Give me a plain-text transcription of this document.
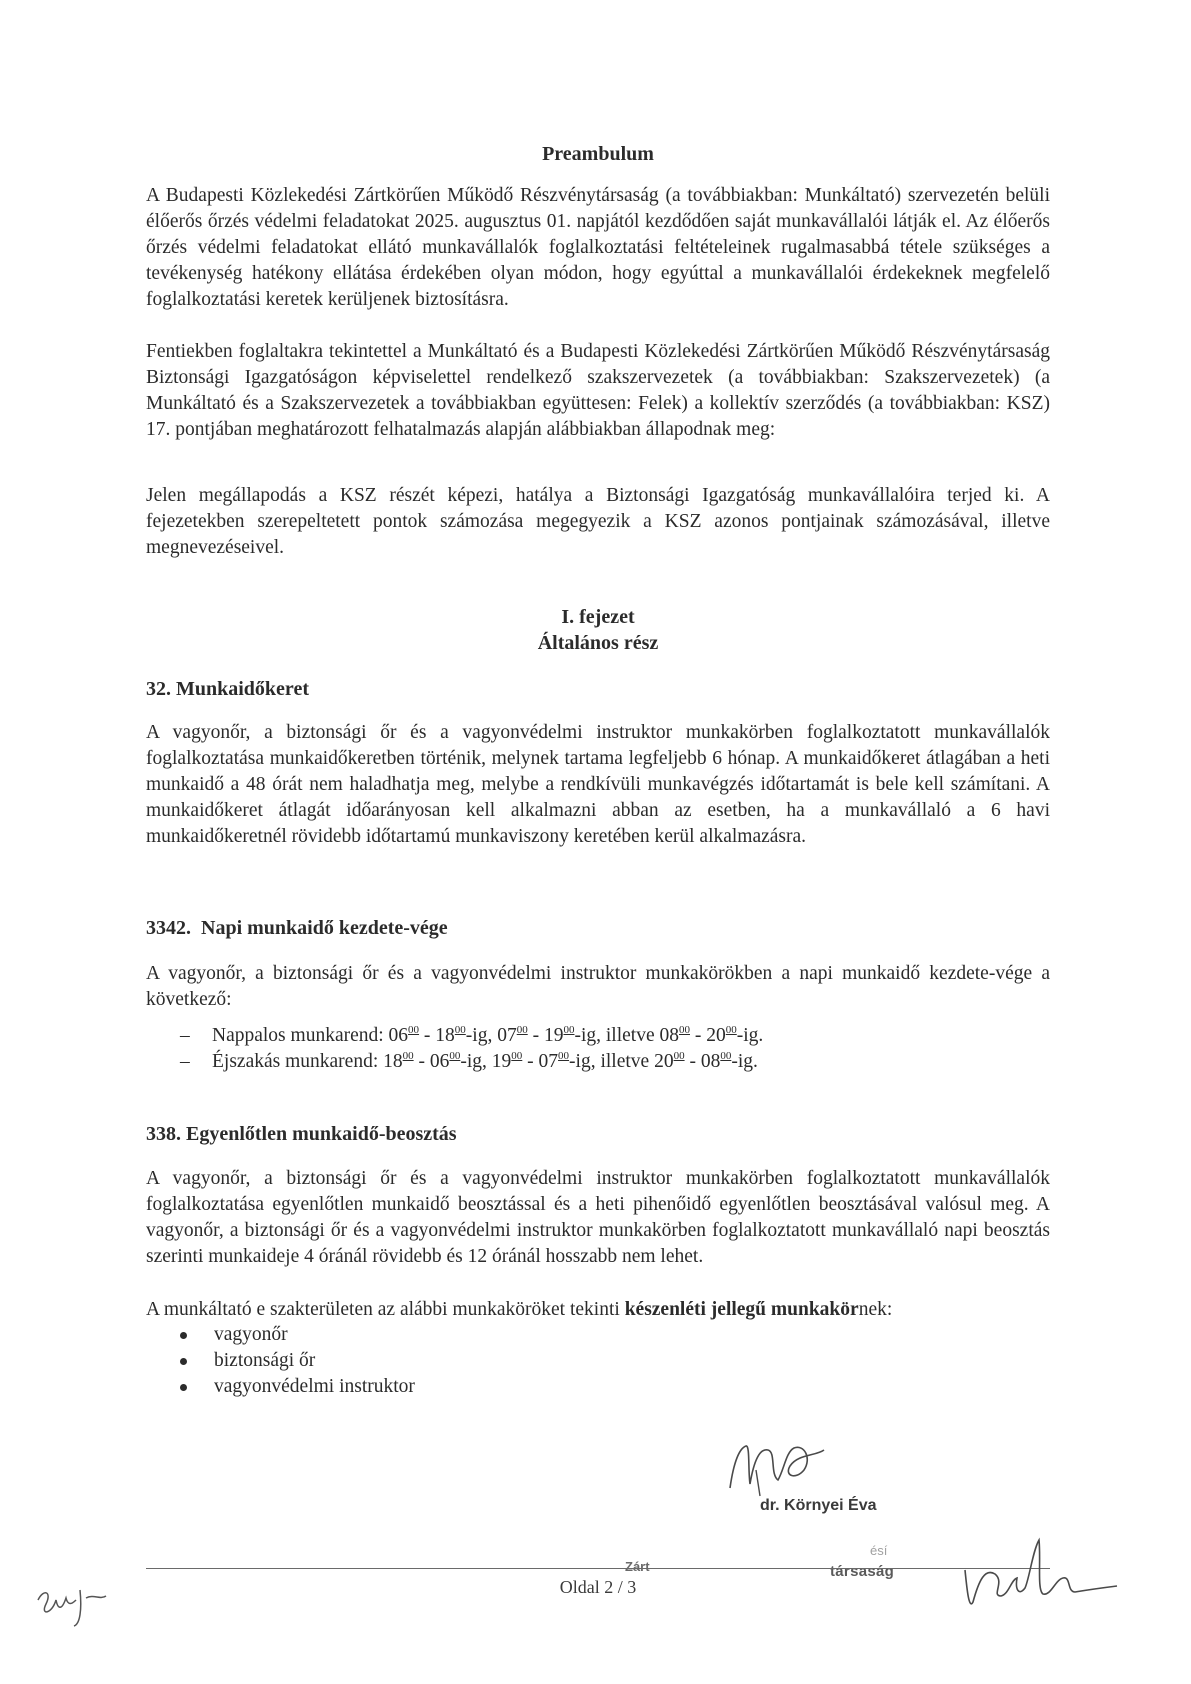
Preambulum
A Budapesti Közlekedési Zártkörűen Működő Részvénytársaság (a továbbiakban: Munkáltató) szervezetén belüli élőerős őrzés védelmi feladatokat 2025. augusztus 01. napjától kezdődően saját munkavállalói látják el. Az élőerős őrzés védelmi feladatokat ellátó munkavállalók foglalkoztatási feltételeinek rugalmasabbá tétele szükséges a tevékenység hatékony ellátása érdekében olyan módon, hogy egyúttal a munkavállalói érdekeknek megfelelő foglalkoztatási keretek kerüljenek biztosításra.
Fentiekben foglaltakra tekintettel a Munkáltató és a Budapesti Közlekedési Zártkörűen Működő Részvénytársaság Biztonsági Igazgatóságon képviselettel rendelkező szakszervezetek (a továbbiakban: Szakszervezetek) (a Munkáltató és a Szakszervezetek a továbbiakban együttesen: Felek) a kollektív szerződés (a továbbiakban: KSZ) 17. pontjában meghatározott felhatalmazás alapján alábbiakban állapodnak meg:
Jelen megállapodás a KSZ részét képezi, hatálya a Biztonsági Igazgatóság munkavállalóira terjed ki. A fejezetekben szerepeltetett pontok számozása megegyezik a KSZ azonos pontjainak számozásával, illetve megnevezéseivel.
I. fejezet
Általános rész
32. Munkaidőkeret
A vagyonőr, a biztonsági őr és a vagyonvédelmi instruktor munkakörben foglalkoztatott munkavállalók foglalkoztatása munkaidőkeretben történik, melynek tartama legfeljebb 6 hónap. A munkaidőkeret átlagában a heti munkaidő a 48 órát nem haladhatja meg, melybe a rendkívüli munkavégzés időtartamát is bele kell számítani. A munkaidőkeret átlagát időarányosan kell alkalmazni abban az esetben, ha a munkavállaló a 6 havi munkaidőkeretnél rövidebb időtartamú munkaviszony keretében kerül alkalmazásra.
3342. Napi munkaidő kezdete-vége
A vagyonőr, a biztonsági őr és a vagyonvédelmi instruktor munkakörökben a napi munkaidő kezdete-vége a következő:
– Nappalos munkarend: $06^{00} - 18^{00}-ig$, $07^{00} - 19^{00}-ig$, illetve $08^{00} - 20^{00}-ig$.
– Éjszakás munkarend: $18^{00} - 06^{00}-ig$, $19^{00} - 07^{00}-ig$, illetve $20^{00} - 08^{00}-ig$.
338. Egyenlőtlen munkaidő-beosztás
A vagyonőr, a biztonsági őr és a vagyonvédelmi instruktor munkakörben foglalkoztatott munkavállalók foglalkoztatása egyenlőtlen munkaidő beosztással és a heti pihenőidő egyenlőtlen beosztásával valósul meg. A vagyonőr, a biztonsági őr és a vagyonvédelmi instruktor munkakörben foglalkoztatott munkavállaló napi beosztás szerinti munkaideje 4 óránál rövidebb és 12 óránál hosszabb nem lehet.
A munkáltató e szakterületen az alábbi munkaköröket tekinti készenléti jellegű munkakörnek:
vagyonőr
biztonsági őr
vagyonvédelmi instruktor
dr. Környei Éva
ésí
Zárt	társaság
Oldal 2 / 3
